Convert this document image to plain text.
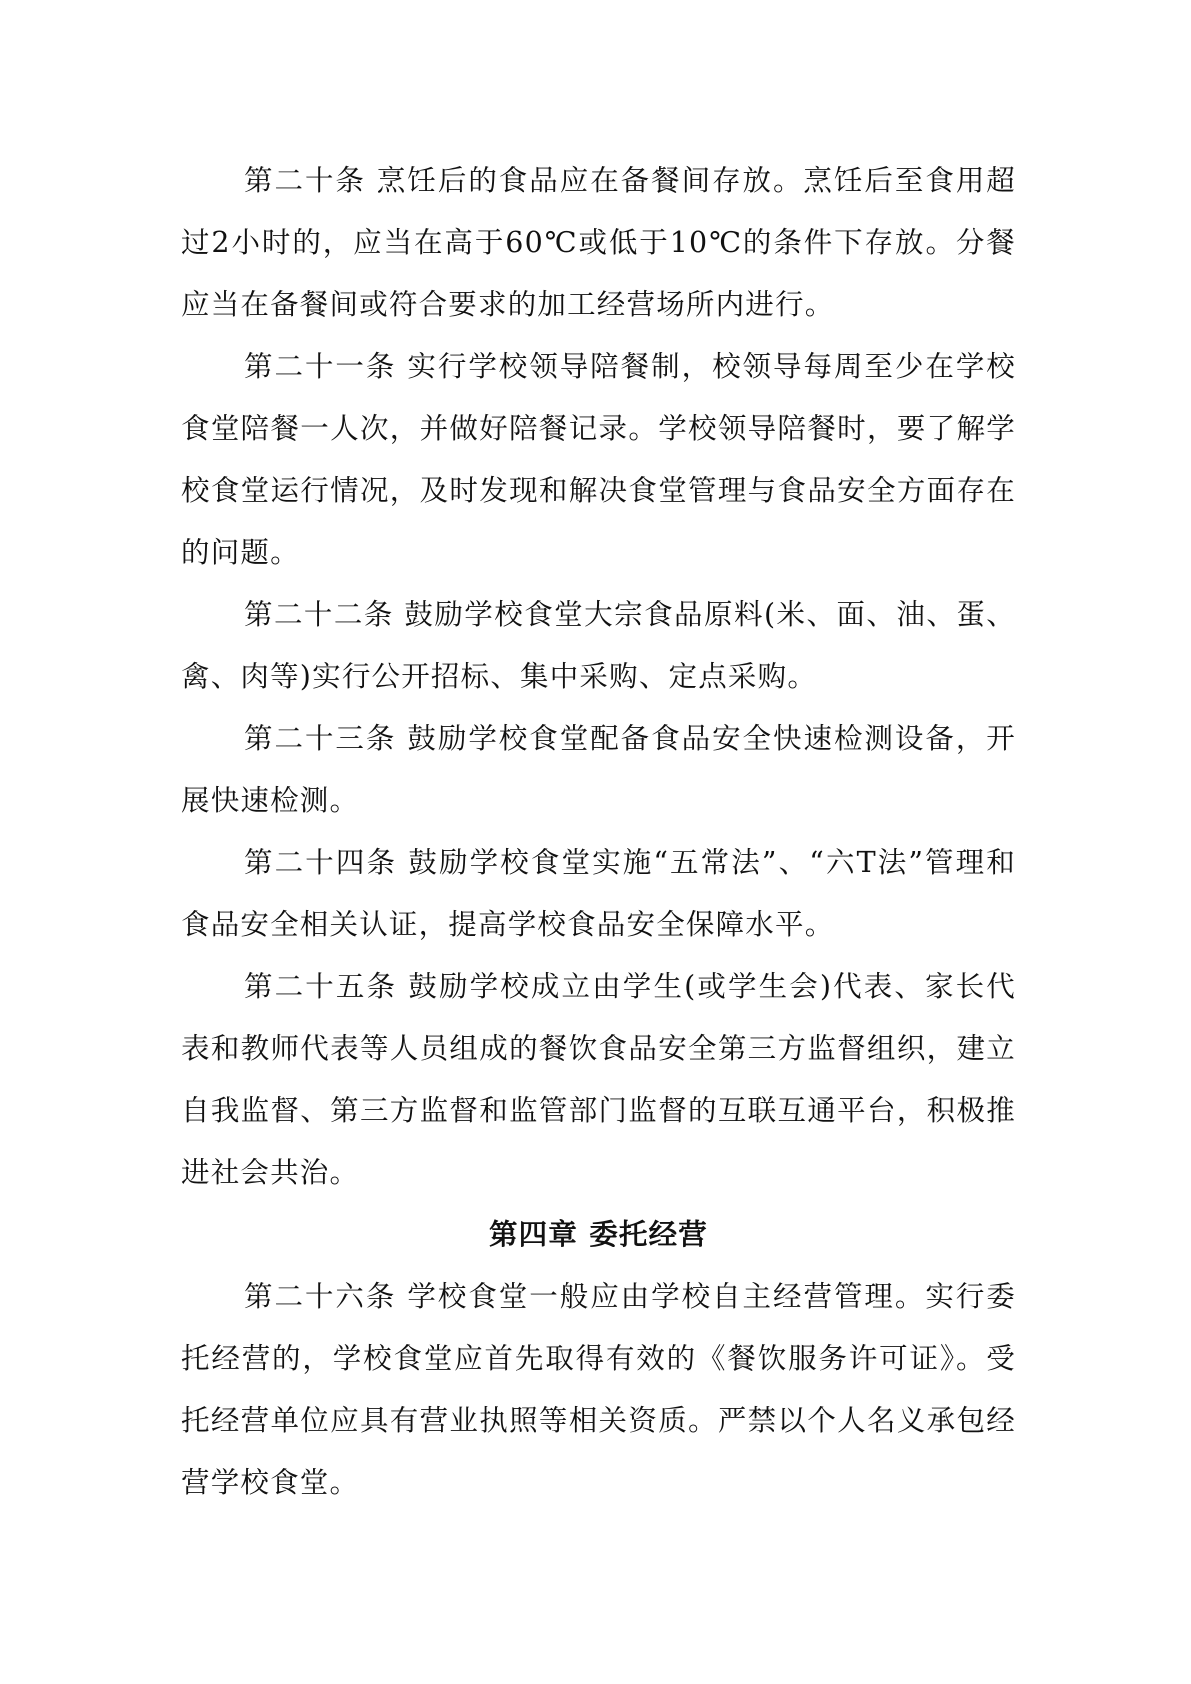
第二十条 烹饪后的食品应在备餐间存放。烹饪后至食用超过2小时的，应当在高于60℃或低于10℃的条件下存放。分餐应当在备餐间或符合要求的加工经营场所内进行。

第二十一条 实行学校领导陪餐制，校领导每周至少在学校食堂陪餐一人次，并做好陪餐记录。学校领导陪餐时，要了解学校食堂运行情况，及时发现和解决食堂管理与食品安全方面存在的问题。

第二十二条 鼓励学校食堂大宗食品原料(米、面、油、蛋、禽、肉等)实行公开招标、集中采购、定点采购。

第二十三条 鼓励学校食堂配备食品安全快速检测设备，开展快速检测。

第二十四条 鼓励学校食堂实施“五常法”、“六T法”管理和食品安全相关认证，提高学校食品安全保障水平。

第二十五条 鼓励学校成立由学生(或学生会)代表、家长代表和教师代表等人员组成的餐饮食品安全第三方监督组织，建立自我监督、第三方监督和监管部门监督的互联互通平台，积极推进社会共治。

第四章 委托经营

第二十六条 学校食堂一般应由学校自主经营管理。实行委托经营的，学校食堂应首先取得有效的《餐饮服务许可证》。受托经营单位应具有营业执照等相关资质。严禁以个人名义承包经营学校食堂。
